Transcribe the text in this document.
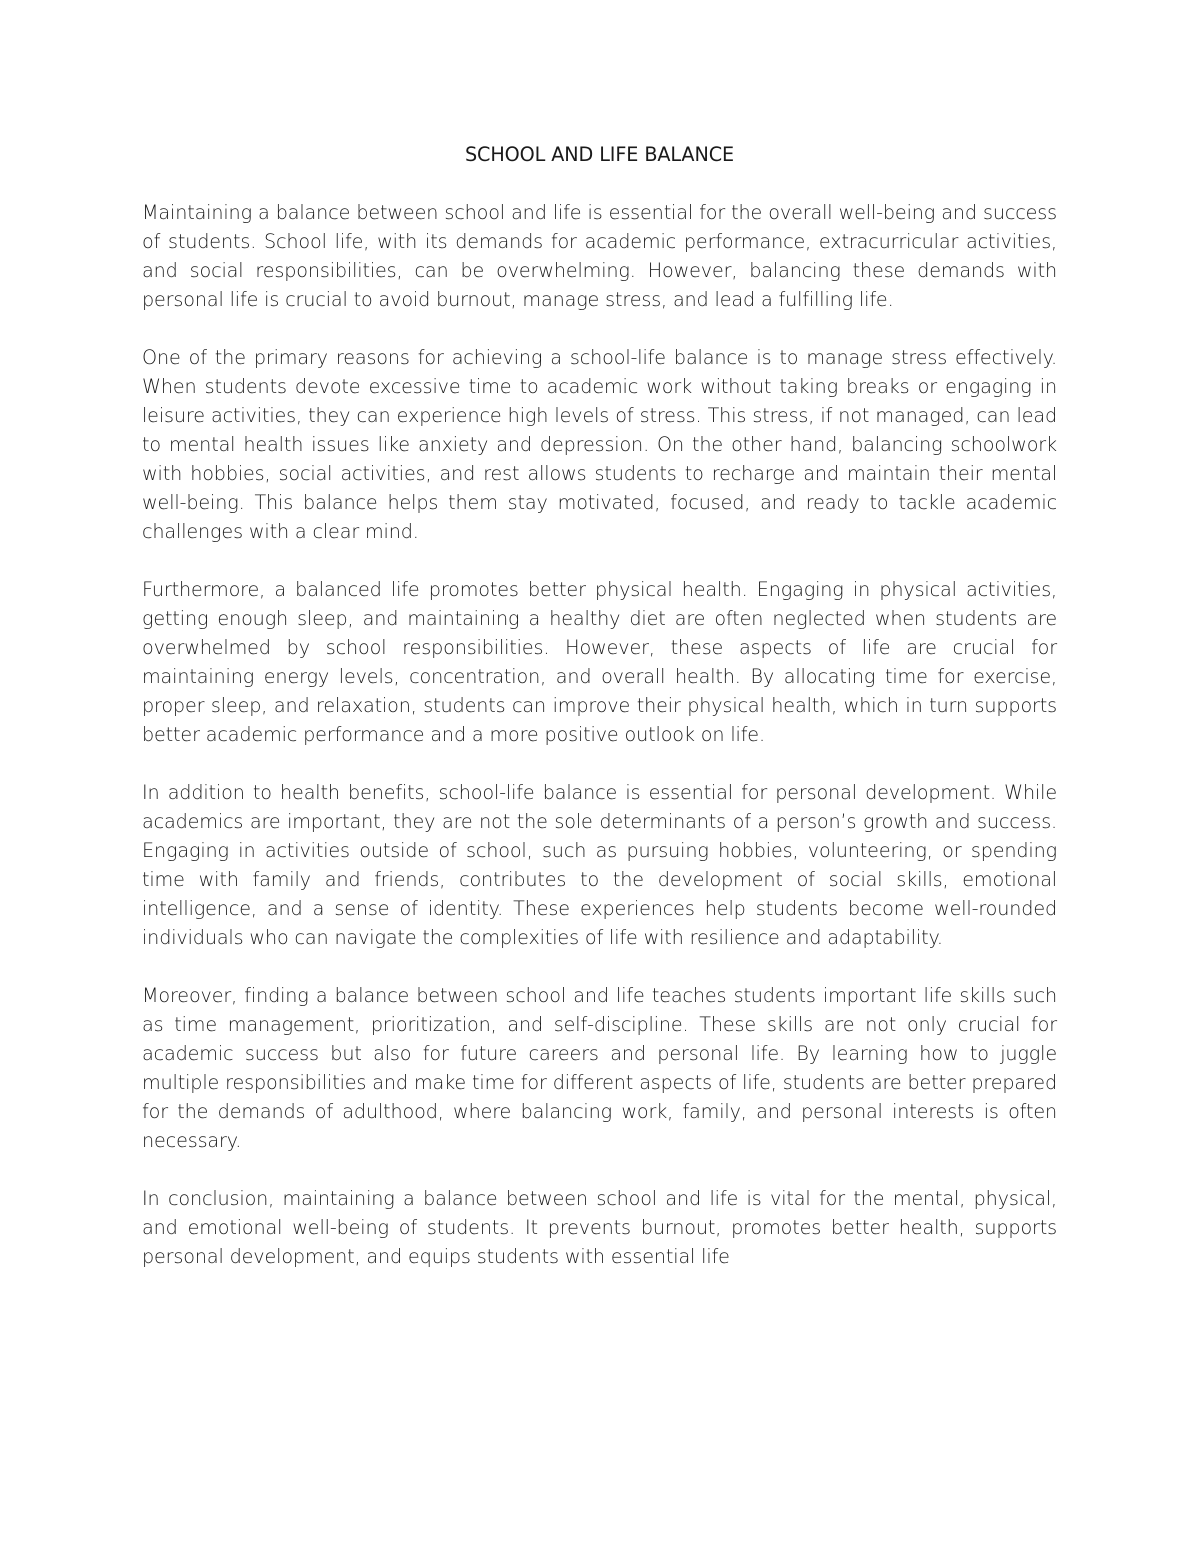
SCHOOL AND LIFE BALANCE

Maintaining a balance between school and life is essential for the overall well-being and success of students. School life, with its demands for academic performance, extracurricular activities, and social responsibilities, can be overwhelming. However, balancing these demands with personal life is crucial to avoid burnout, manage stress, and lead a fulfilling life.

One of the primary reasons for achieving a school-life balance is to manage stress effectively. When students devote excessive time to academic work without taking breaks or engaging in leisure activities, they can experience high levels of stress. This stress, if not managed, can lead to mental health issues like anxiety and depression. On the other hand, balancing schoolwork with hobbies, social activities, and rest allows students to recharge and maintain their mental well-being. This balance helps them stay motivated, focused, and ready to tackle academic challenges with a clear mind.

Furthermore, a balanced life promotes better physical health. Engaging in physical activities, getting enough sleep, and maintaining a healthy diet are often neglected when students are overwhelmed by school responsibilities. However, these aspects of life are crucial for maintaining energy levels, concentration, and overall health. By allocating time for exercise, proper sleep, and relaxation, students can improve their physical health, which in turn supports better academic performance and a more positive outlook on life.

In addition to health benefits, school-life balance is essential for personal development. While academics are important, they are not the sole determinants of a person’s growth and success. Engaging in activities outside of school, such as pursuing hobbies, volunteering, or spending time with family and friends, contributes to the development of social skills, emotional intelligence, and a sense of identity. These experiences help students become well-rounded individuals who can navigate the complexities of life with resilience and adaptability.

Moreover, finding a balance between school and life teaches students important life skills such as time management, prioritization, and self-discipline. These skills are not only crucial for academic success but also for future careers and personal life. By learning how to juggle multiple responsibilities and make time for different aspects of life, students are better prepared for the demands of adulthood, where balancing work, family, and personal interests is often necessary.

In conclusion, maintaining a balance between school and life is vital for the mental, physical, and emotional well-being of students. It prevents burnout, promotes better health, supports personal development, and equips students with essential life
